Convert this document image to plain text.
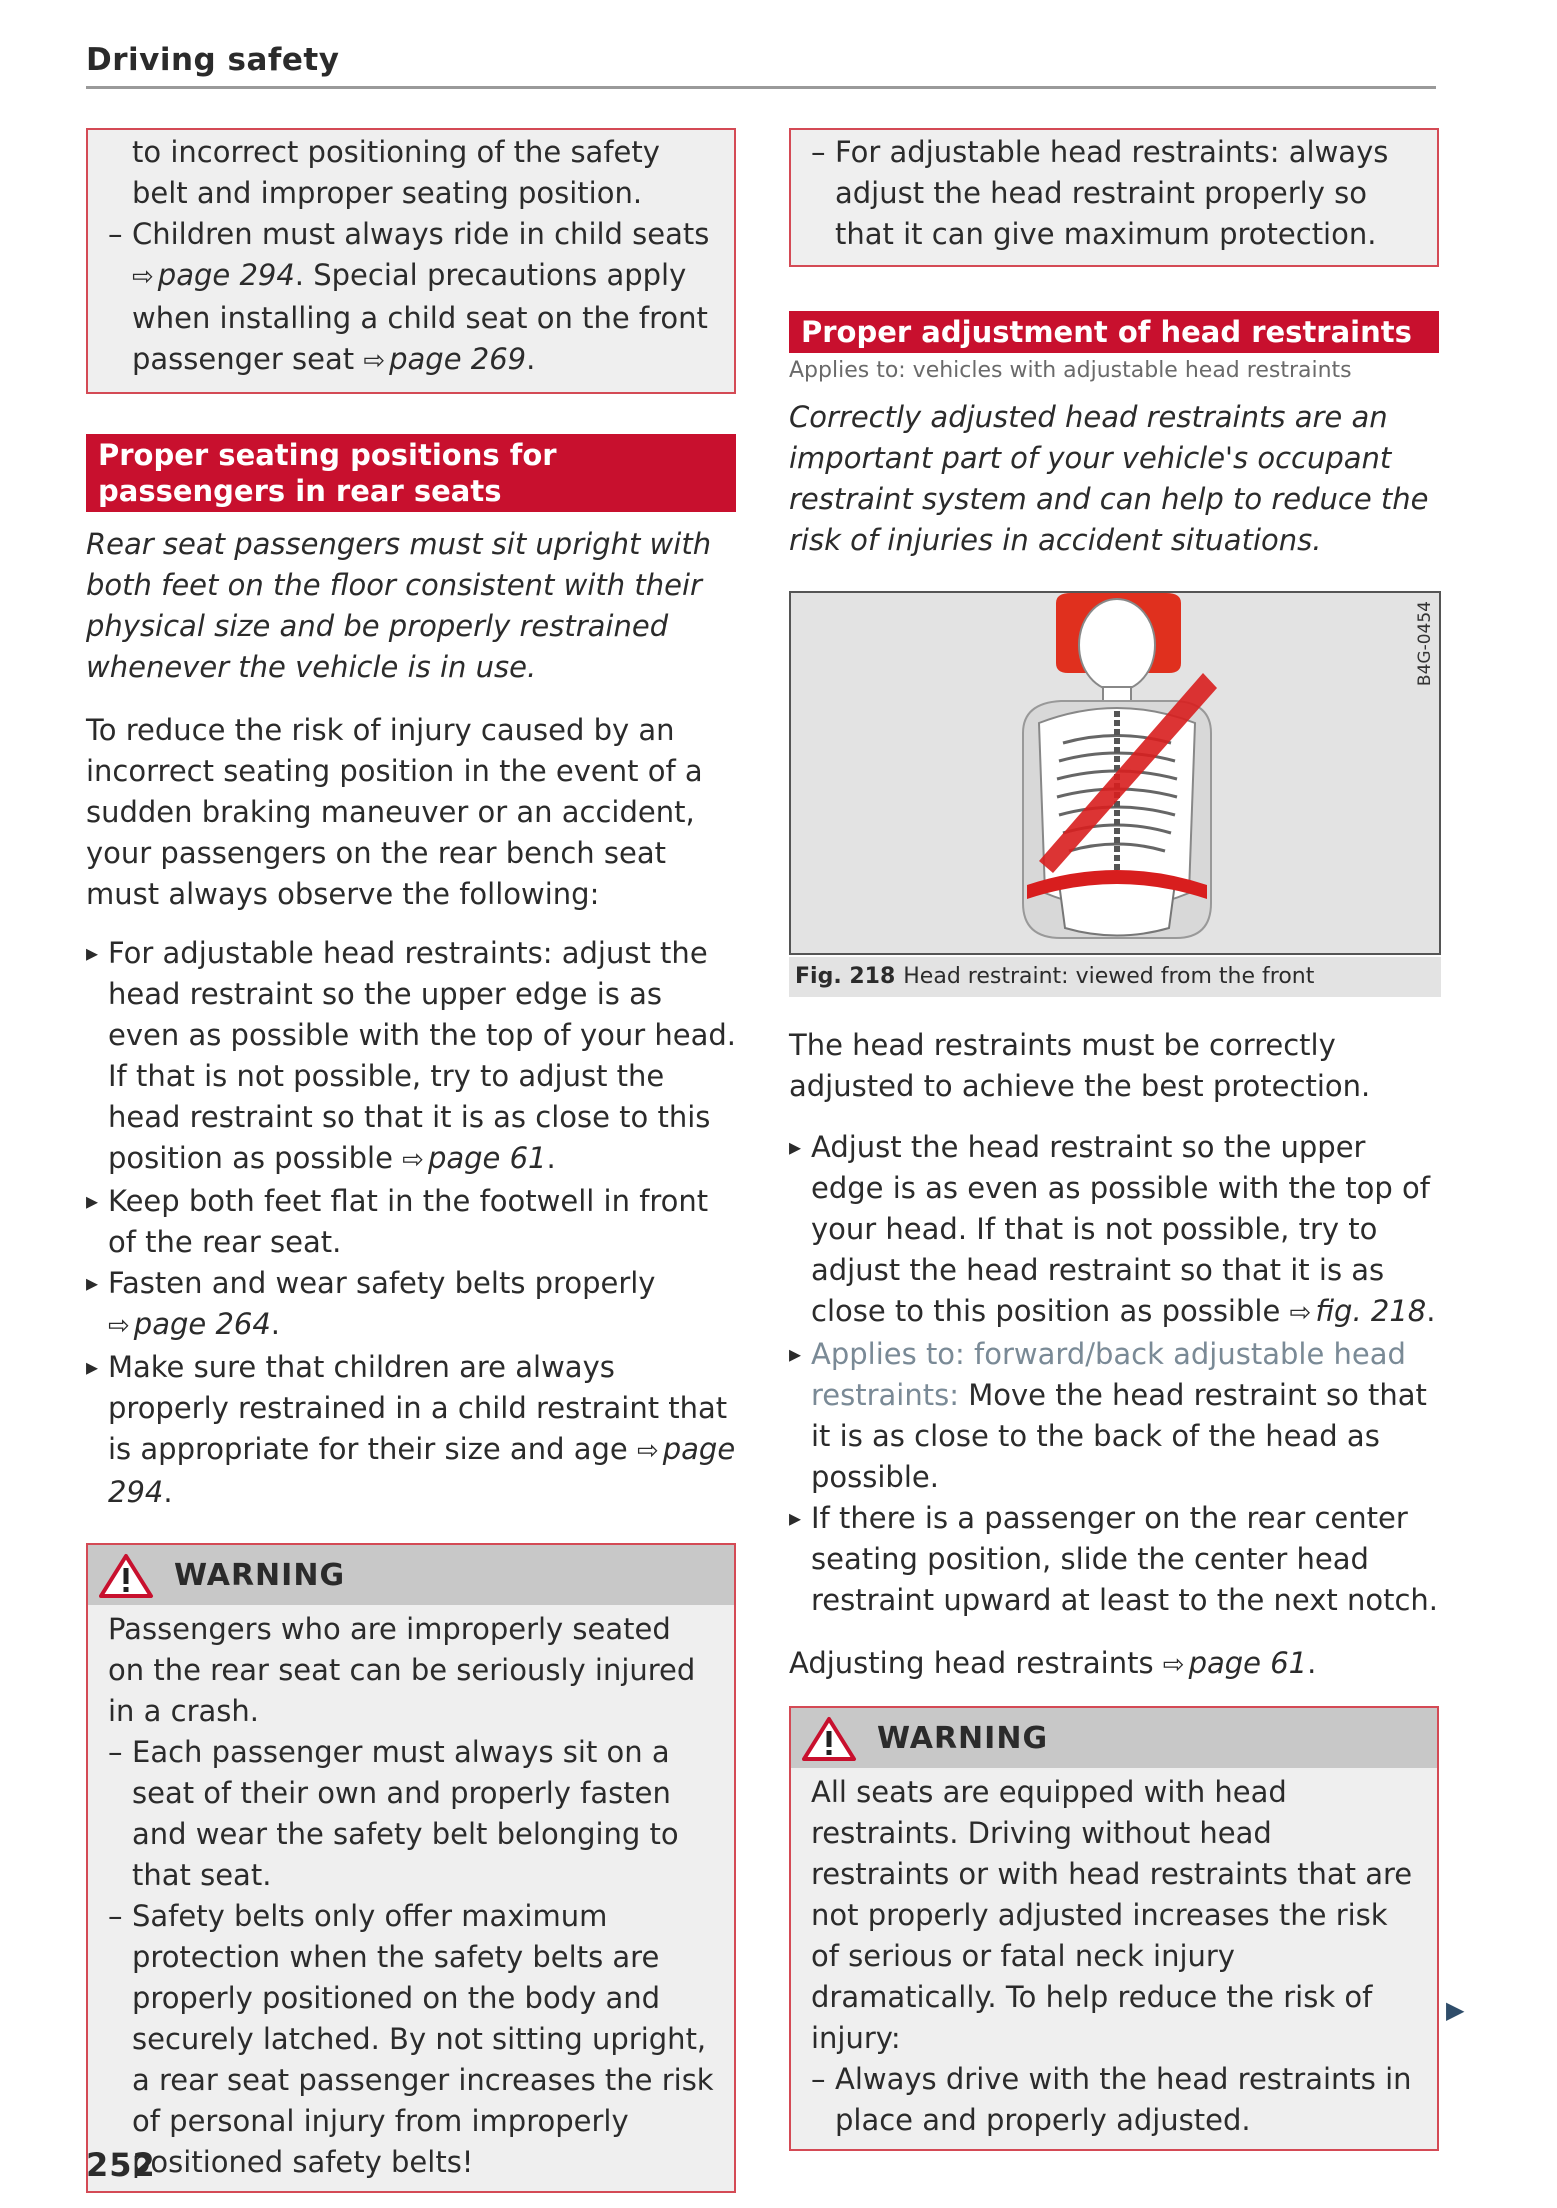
Driving safety

to incorrect positioning of the safety belt and improper seating position.

– Children must always ride in child seats ⇨ page 294. Special precautions apply when installing a child seat on the front passenger seat ⇨ page 269.

Proper seating positions for passengers in rear seats

Rear seat passengers must sit upright with both feet on the floor consistent with their physical size and be properly restrained whenever the vehicle is in use.

To reduce the risk of injury caused by an incorrect seating position in the event of a sudden braking maneuver or an accident, your passengers on the rear bench seat must always observe the following:

▸ For adjustable head restraints: adjust the head restraint so the upper edge is as even as possible with the top of your head. If that is not possible, try to adjust the head restraint so that it is as close to this position as possible ⇨ page 61.
▸ Keep both feet flat in the footwell in front of the rear seat.
▸ Fasten and wear safety belts properly ⇨ page 264.
▸ Make sure that children are always properly restrained in a child restraint that is appropriate for their size and age ⇨ page 294.
WARNING

Passengers who are improperly seated on the rear seat can be seriously injured in a crash.

– Each passenger must always sit on a seat of their own and properly fasten and wear the safety belt belonging to that seat.

– Safety belts only offer maximum protection when the safety belts are properly positioned on the body and securely latched. By not sitting upright, a rear seat passenger increases the risk of personal injury from improperly positioned safety belts!

– For adjustable head restraints: always adjust the head restraint properly so that it can give maximum protection.

Proper adjustment of head restraints

Applies to: vehicles with adjustable head restraints

Correctly adjusted head restraints are an important part of your vehicle's occupant restraint system and can help to reduce the risk of injuries in accident situations.

B4G-0454
Fig. 218 Head restraint: viewed from the front

The head restraints must be correctly adjusted to achieve the best protection.

▸ Adjust the head restraint so the upper edge is as even as possible with the top of your head. If that is not possible, try to adjust the head restraint so that it is as close to this position as possible ⇨ fig. 218.
▸ Applies to: forward/back adjustable head restraints: Move the head restraint so that it is as close to the back of the head as possible.
▸ If there is a passenger on the rear center seating position, slide the center head restraint upward at least to the next notch.

Adjusting head restraints ⇨ page 61.

WARNING

All seats are equipped with head restraints. Driving without head restraints or with head restraints that are not properly adjusted increases the risk of serious or fatal neck injury dramatically. To help reduce the risk of injury:

– Always drive with the head restraints in place and properly adjusted.

▶
252
